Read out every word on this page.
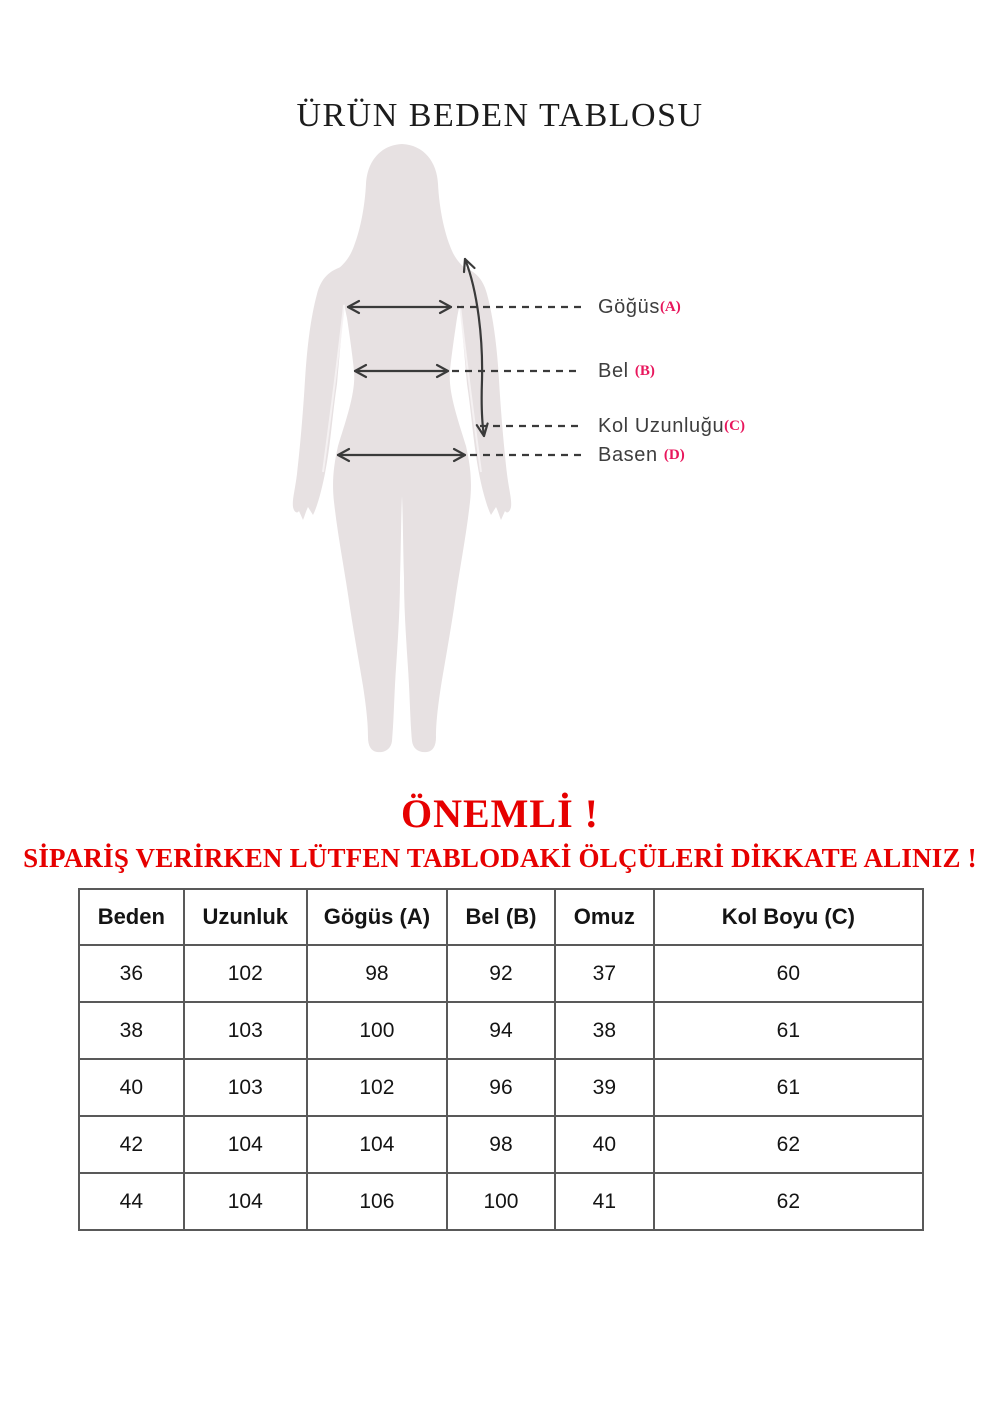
ÜRÜN BEDEN TABLOSU
Göğüs(A)
Bel (B)
Kol Uzunluğu(C)
Basen (D)
ÖNEMLİ !
SİPARİŞ VERİRKEN LÜTFEN TABLODAKİ ÖLÇÜLERİ DİKKATE ALINIZ !
Beden	Uzunluk	Gögüs (A)	Bel (B)	Omuz	Kol Boyu (C)
36	102	98	92	37	60
38	103	100	94	38	61
40	103	102	96	39	61
42	104	104	98	40	62
44	104	106	100	41	62
